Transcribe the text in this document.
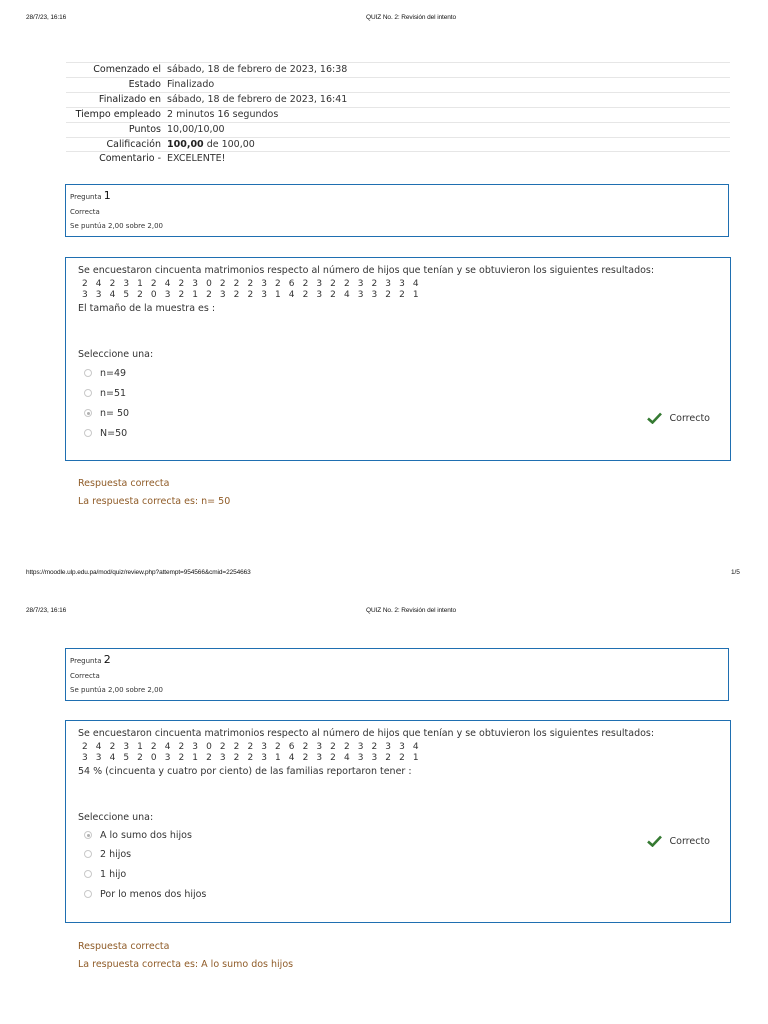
28/7/23, 16:16	QUIZ No. 2: Revisión del intento
Comenzado el	sábado, 18 de febrero de 2023, 16:38
Estado	Finalizado
Finalizado en	sábado, 18 de febrero de 2023, 16:41
Tiempo empleado	2 minutos 16 segundos
Puntos	10,00/10,00
Calificación	100,00 de 100,00
Comentario -	EXCELENTE!
Pregunta 1
Correcta
Se puntúa 2,00 sobre 2,00
Se encuestaron cincuenta matrimonios respecto al número de hijos que tenían y se obtuvieron los siguientes resultados:
2 4 2 3 1 2 4 2 3 0 2 2 2 3 2 6 2 3 2 2 3 2 3 3 4
3 3 4 5 2 0 3 2 1 2 3 2 2 3 1 4 2 3 2 4 3 3 2 2 1
El tamaño de la muestra es :
Seleccione una:
n=49
n=51
n= 50
N=50
Correcto
Respuesta correcta
La respuesta correcta es: n= 50
https://moodle.ulp.edu.pa/mod/quiz/review.php?attempt=954566&cmid=2254663	1/5
28/7/23, 16:16	QUIZ No. 2: Revisión del intento
Pregunta 2
Correcta
Se puntúa 2,00 sobre 2,00
Se encuestaron cincuenta matrimonios respecto al número de hijos que tenían y se obtuvieron los siguientes resultados:
2 4 2 3 1 2 4 2 3 0 2 2 2 3 2 6 2 3 2 2 3 2 3 3 4
3 3 4 5 2 0 3 2 1 2 3 2 2 3 1 4 2 3 2 4 3 3 2 2 1
54 % (cincuenta y cuatro por ciento) de las familias reportaron tener :
Seleccione una:
A lo sumo dos hijos
2 hijos
1 hijo
Por lo menos dos hijos
Correcto
Respuesta correcta
La respuesta correcta es: A lo sumo dos hijos
